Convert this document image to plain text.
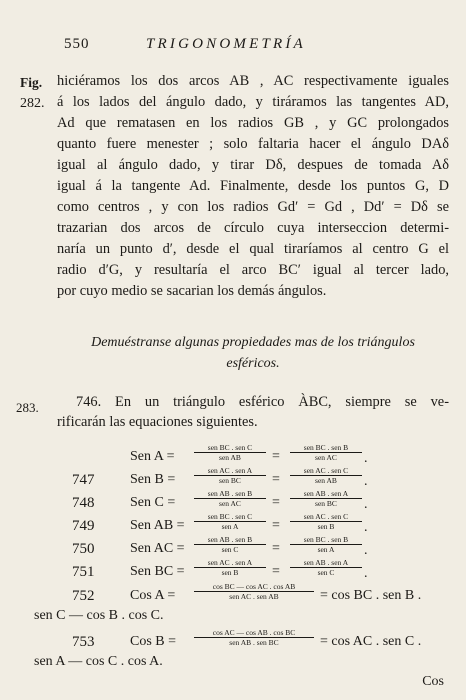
550	TRIGONOMETRÍA
Fig.
282.
hiciéramos los dos arcos AB , AC respectivamente iguales
á los lados del ángulo dado, y tiráramos las tangentes AD,
Ad que rematasen en los radios GB , y GC prolongados
quanto fuere menester ; solo faltaria hacer el ángulo DAδ
igual al ángulo dado, y tirar Dδ, despues de tomada Aδ
igual á la tangente Ad. Finalmente, desde los puntos G, D
como centros , y con los radios Gd′ = Gd , Dd′ = Dδ se
trazarian dos arcos de círculo cuya interseccion determi-
naría un punto d′, desde el qual tiraríamos al centro G el
radio d′G, y resultaría el arco BC′ igual al tercer lado,
por cuyo medio se sacarian los demás ángulos.
Demuéstranse algunas propiedades mas de los triángulos
esféricos.
283.	746. En un triángulo esférico ÀBC, siempre se ve-
rificarán las equaciones siguientes.
Sen A =
sen BC . sen C
sen AB	=
sen BC . sen B
sen AC	.
747	Sen B =
sen AC . sen A
sen BC	=
sen AC . sen C
sen AB	.
748	Sen C =
sen AB . sen B
sen AC	=
sen AB . sen A
sen BC	.
749	Sen AB =
sen BC . sen C
sen A	=
sen AC . sen C
sen B	.
750	Sen AC =
sen AB . sen B
sen C	=
sen BC . sen B
sen A	.
751	Sen BC =
sen AC . sen A
sen B	=
sen AB . sen A
sen C	.
752	Cos A =
cos BC — cos AC . cos AB
sen AC . sen AB	= cos BC . sen B .
sen C — cos B . cos C.
753	Cos B =
cos AC — cos AB . cos BC
sen AB . sen BC	= cos AC . sen C .
sen A — cos C . cos A.
Cos
